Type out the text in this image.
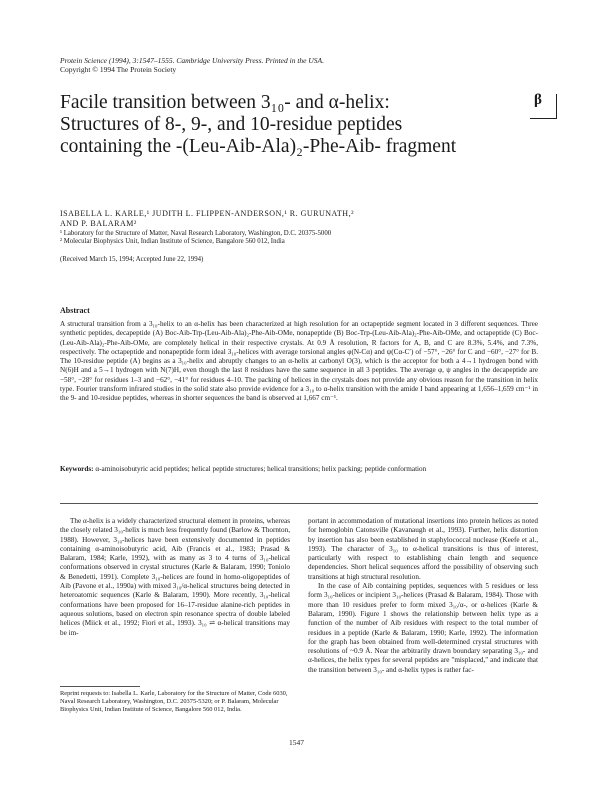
Protein Science (1994), 3:1547–1555. Cambridge University Press. Printed in the USA.
Copyright © 1994 The Protein Society
Facile transition between 3₁₀- and α-helix:
Structures of 8-, 9-, and 10-residue peptides
containing the -(Leu-Aib-Ala)₂-Phe-Aib- fragment
β
ISABELLA L. KARLE,¹ JUDITH L. FLIPPEN-ANDERSON,¹ R. GURUNATH,²
AND P. BALARAM²
¹ Laboratory for the Structure of Matter, Naval Research Laboratory, Washington, D.C. 20375-5000
² Molecular Biophysics Unit, Indian Institute of Science, Bangalore 560 012, India
(Received March 15, 1994; Accepted June 22, 1994)
Abstract
A structural transition from a 3₁₀-helix to an α-helix has been characterized at high resolution for an octapeptide segment located in 3 different sequences. Three synthetic peptides, decapeptide (A) Boc-Aib-Trp-(Leu-Aib-Ala)₂-Phe-Aib-OMe, nonapeptide (B) Boc-Trp-(Leu-Aib-Ala)₂-Phe-Aib-OMe, and octapeptide (C) Boc-(Leu-Aib-Ala)₂-Phe-Aib-OMe, are completely helical in their respective crystals. At 0.9 Å resolution, R factors for A, B, and C are 8.3%, 5.4%, and 7.3%, respectively. The octapeptide and nonapeptide form ideal 3₁₀-helices with average torsional angles φ(N-Cα) and ψ(Cα-C′) of −57°, −26° for C and −60°, −27° for B. The 10-residue peptide (A) begins as a 3₁₀-helix and abruptly changes to an α-helix at carbonyl O(3), which is the acceptor for both a 4→1 hydrogen bond with N(6)H and a 5→1 hydrogen with N(7)H, even though the last 8 residues have the same sequence in all 3 peptides. The average φ, ψ angles in the decapeptide are −58°, −28° for residues 1–3 and −62°, −41° for residues 4–10. The packing of helices in the crystals does not provide any obvious reason for the transition in helix type. Fourier transform infrared studies in the solid state also provide evidence for a 3₁₀ to α-helix transition with the amide I band appearing at 1,656–1,659 cm⁻¹ in the 9- and 10-residue peptides, whereas in shorter sequences the band is observed at 1,667 cm⁻¹.
Keywords: α-aminoisobutyric acid peptides; helical peptide structures; helical transitions; helix packing; peptide conformation

The α-helix is a widely characterized structural element in proteins, whereas the closely related 3₁₀-helix is much less frequently found (Barlow & Thornton, 1988). However, 3₁₀-helices have been extensively documented in peptides containing α-aminoisobutyric acid, Aib (Francis et al., 1983; Prasad & Balaram, 1984; Karle, 1992), with as many as 3 to 4 turns of 3₁₀-helical conformations observed in crystal structures (Karle & Balaram, 1990; Toniolo & Benedetti, 1991). Complete 3₁₀-helices are found in homo-oligopeptides of Aib (Pavone et al., 1990a) with mixed 3₁₀/α-helical structures being detected in heteroatomic sequences (Karle & Balaram, 1990). More recently, 3₁₀-helical conformations have been proposed for 16–17-residue alanine-rich peptides in aqueous solutions, based on electron spin resonance spectra of double labeled helices (Miick et al., 1992; Fiori et al., 1993). 3₁₀ ⇌ α-helical transitions may be im-

portant in accommodation of mutational insertions into protein helices as noted for hemoglobin Catonsville (Kavanaugh et al., 1993). Further, helix distortion by insertion has also been established in staphylococcal nuclease (Keefe et al., 1993). The character of 3₁₀ to α-helical transitions is thus of interest, particularly with respect to establishing chain length and sequence dependencies. Short helical sequences afford the possibility of observing such transitions at high structural resolution.

In the case of Aib containing peptides, sequences with 5 residues or less form 3₁₀-helices or incipient 3₁₀-helices (Prasad & Balaram, 1984). Those with more than 10 residues prefer to form mixed 3₁₀/α-, or α-helices (Karle & Balaram, 1990). Figure 1 shows the relationship between helix type as a function of the number of Aib residues with respect to the total number of residues in a peptide (Karle & Balaram, 1990; Karle, 1992). The information for the graph has been obtained from well-determined crystal structures with resolutions of ~0.9 Å. Near the arbitrarily drawn boundary separating 3₁₀- and α-helices, the helix types for several peptides are "misplaced," and indicate that the transition between 3₁₀- and α-helix types is rather fac-

Reprint requests to: Isabella L. Karle, Laboratory for the Structure of Matter, Code 6030, Naval Research Laboratory, Washington, D.C. 20375-5320; or P. Balaram, Molecular Biophysics Unit, Indian Institute of Science, Bangalore 560 012, India.
1547
